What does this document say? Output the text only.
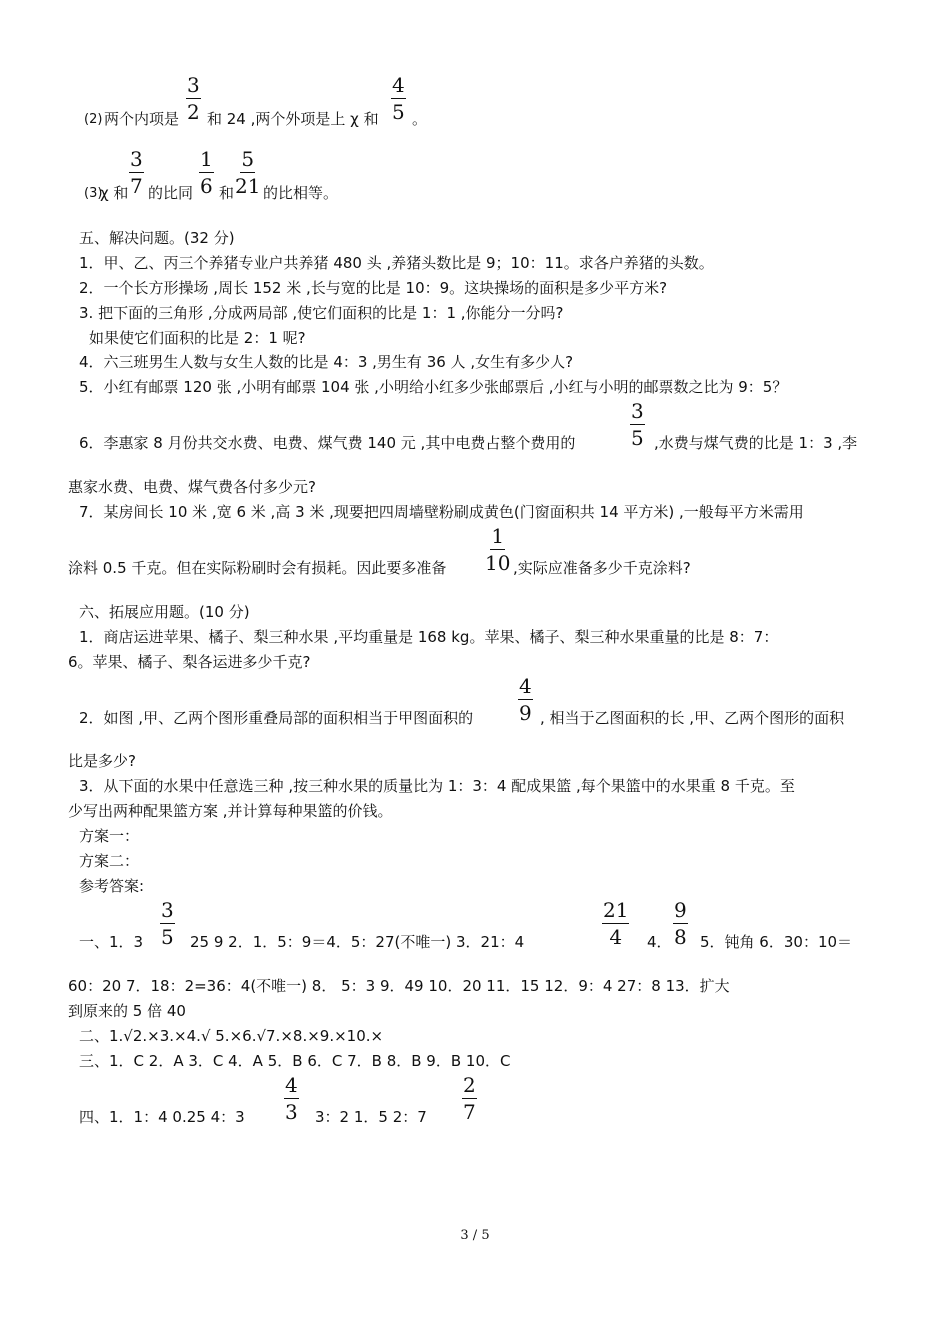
(2) 两个内项是 $\frac{3}{2}$ 和 24 ,两个外项是上 χ 和 $\frac{4}{5}$ 。
(3)
χ 和 $\frac{3}{7}$ 的比同 $\frac{1}{6}$ 和 $\frac{5}{21}$ 的比相等。
五、解决问题。(32 分)
1．甲、乙、丙三个养猪专业户共养猪 480 头 ,养猪头数比是 9；10：11。求各户养猪的头数。
2．一个长方形操场 ,周长 152 米 ,长与宽的比是 10：9。这块操场的面积是多少平方米?
3. 把下面的三角形 ,分成两局部 ,使它们面积的比是 1：1 ,你能分一分吗?
如果使它们面积的比是 2：1 呢?
4．六三班男生人数与女生人数的比是 4：3 ,男生有 36 人 ,女生有多少人?
5．小红有邮票 120 张 ,小明有邮票 104 张 ,小明给小红多少张邮票后 ,小红与小明的邮票数之比为 9：5？
6．李惠家 8 月份共交水费、电费、煤气费 140 元 ,其中电费占整个费用的	$\frac{3}{5}$ ,水费与煤气费的比是 1：3 ,李
惠家水费、电费、煤气费各付多少元?
7．某房间长 10 米 ,宽 6 米 ,高 3 米 ,现要把四周墙壁粉刷成黄色(门窗面积共 14 平方米) ,一般每平方米需用
涂料 0.5 千克。但在实际粉刷时会有损耗。因此要多准备 $\frac{1}{10}$ ,实际应准备多少千克涂料?
六、拓展应用题。(10 分)
1．商店运进苹果、橘子、梨三种水果 ,平均重量是 168 kg。苹果、橘子、梨三种水果重量的比是 8：7：
6。苹果、橘子、梨各运进多少千克?
2．如图 ,甲、乙两个图形重叠局部的面积相当于甲图面积的 $\frac{4}{9}$ , 相当于乙图面积的长 ,甲、乙两个图形的面积
比是多少?
3．从下面的水果中任意选三种 ,按三种水果的质量比为 1：3：4 配成果篮 ,每个果篮中的水果重 8 千克。至
少写出两种配果篮方案 ,并计算每种果篮的价钱。
方案一：
方案二：
参考答案:
一、1．$3 \frac{3}{5} 25$ 9 2．1．5：9＝4．5：27(不唯一) 3．21：4	$\frac{21}{4} 4$． $\frac{9}{8} 5$．钝角 6．30：10＝
60：20 7．18：2=36：4(不唯一) 8． 5：3 9．49 10．20 11．15 12．9：4 27：8 13．扩大
到原来的 5 倍 40
二、1.√2.×3.×4.√ 5.×6.√7.×8.×9.×10.×
三、1．C 2．A 3．C 4．A 5．B 6．C 7．B 8．B 9．B 10．C
四、1．1：4 0.25 4：$3 \frac{4}{3} 3$：2 1．5 2：$7 \frac{2}{7}$
3 / 5
